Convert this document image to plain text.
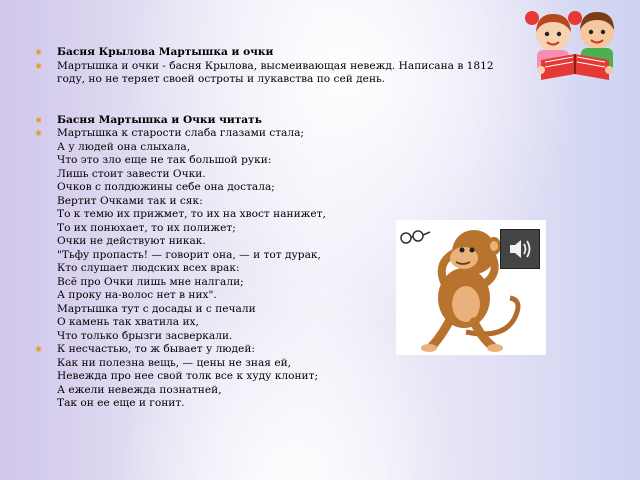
⁕ Басня Крылова Мартышка и очки
⁕ Мартышка и очки - басня Крылова, высмеивающая невежд. Написана в 1812
году, но не теряет своей остроты и лукавства по сей день.
⁕ Басня Мартышка и Очки читать
⁕ Мартышка к старости слаба глазами стала;
А у людей она слыхала,
Что это зло еще не так большой руки:
Лишь стоит завести Очки.
Очков с полдюжины себе она достала;
Вертит Очками так и сяк:
То к темю их прижмет, то их на хвост нанижет,
То их понюхает, то их полижет;
Очки не действуют никак.
"Тьфу пропасть! — говорит она, — и тот дурак,
Кто слушает людских всех врак:
Всё про Очки лишь мне налгали;
А проку на-волос нет в них".
Мартышка тут с досады и с печали
О камень так хватила их,
Что только брызги засверкали.
⁕ К несчастью, то ж бывает у людей:
Как ни полезна вещь, — цены не зная ей,
Невежда про нее свой толк все к худу клонит;
А ежели невежда познатней,
Так он ее еще и гонит.
